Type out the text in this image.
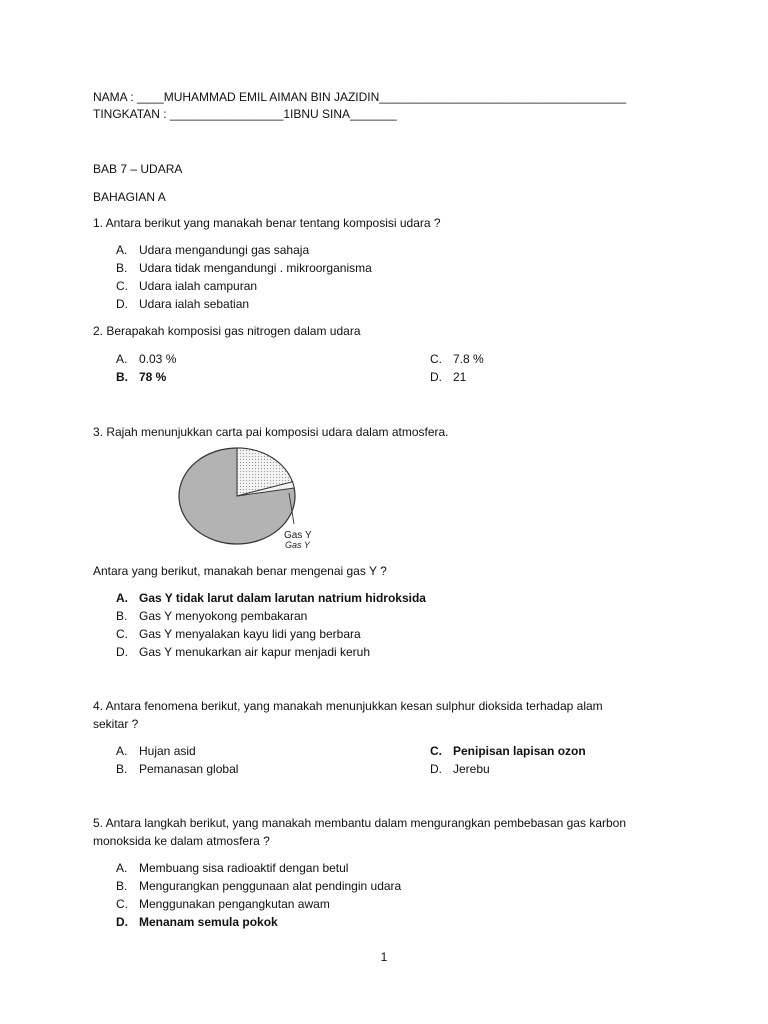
NAMA : ____MUHAMMAD EMIL AIMAN BIN JAZIDIN_____________________________________
TINGKATAN : _________________1IBNU SINA_______
BAB 7 – UDARA
BAHAGIAN A
1. Antara berikut yang manakah benar tentang komposisi udara ?
A. Udara mengandungi gas sahaja
B. Udara tidak mengandungi . mikroorganisma
C. Udara ialah campuran
D. Udara ialah sebatian
2. Berapakah komposisi gas nitrogen dalam udara
A. 0.03 %	C. 7.8 %
B. 78 %	D. 21
3. Rajah menunjukkan carta pai komposisi udara dalam atmosfera.
Gas Y
Gas Y
Antara yang berikut, manakah benar mengenai gas Y ?
A. Gas Y tidak larut dalam larutan natrium hidroksida
B. Gas Y menyokong pembakaran
C. Gas Y menyalakan kayu lidi yang berbara
D. Gas Y menukarkan air kapur menjadi keruh
4. Antara fenomena berikut, yang manakah menunjukkan kesan sulphur dioksida terhadap alam
sekitar ?
A. Hujan asid	C. Penipisan lapisan ozon
B. Pemanasan global	D. Jerebu
5. Antara langkah berikut, yang manakah membantu dalam mengurangkan pembebasan gas karbon
monoksida ke dalam atmosfera ?
A. Membuang sisa radioaktif dengan betul
B. Mengurangkan penggunaan alat pendingin udara
C. Menggunakan pengangkutan awam
D. Menanam semula pokok
1
